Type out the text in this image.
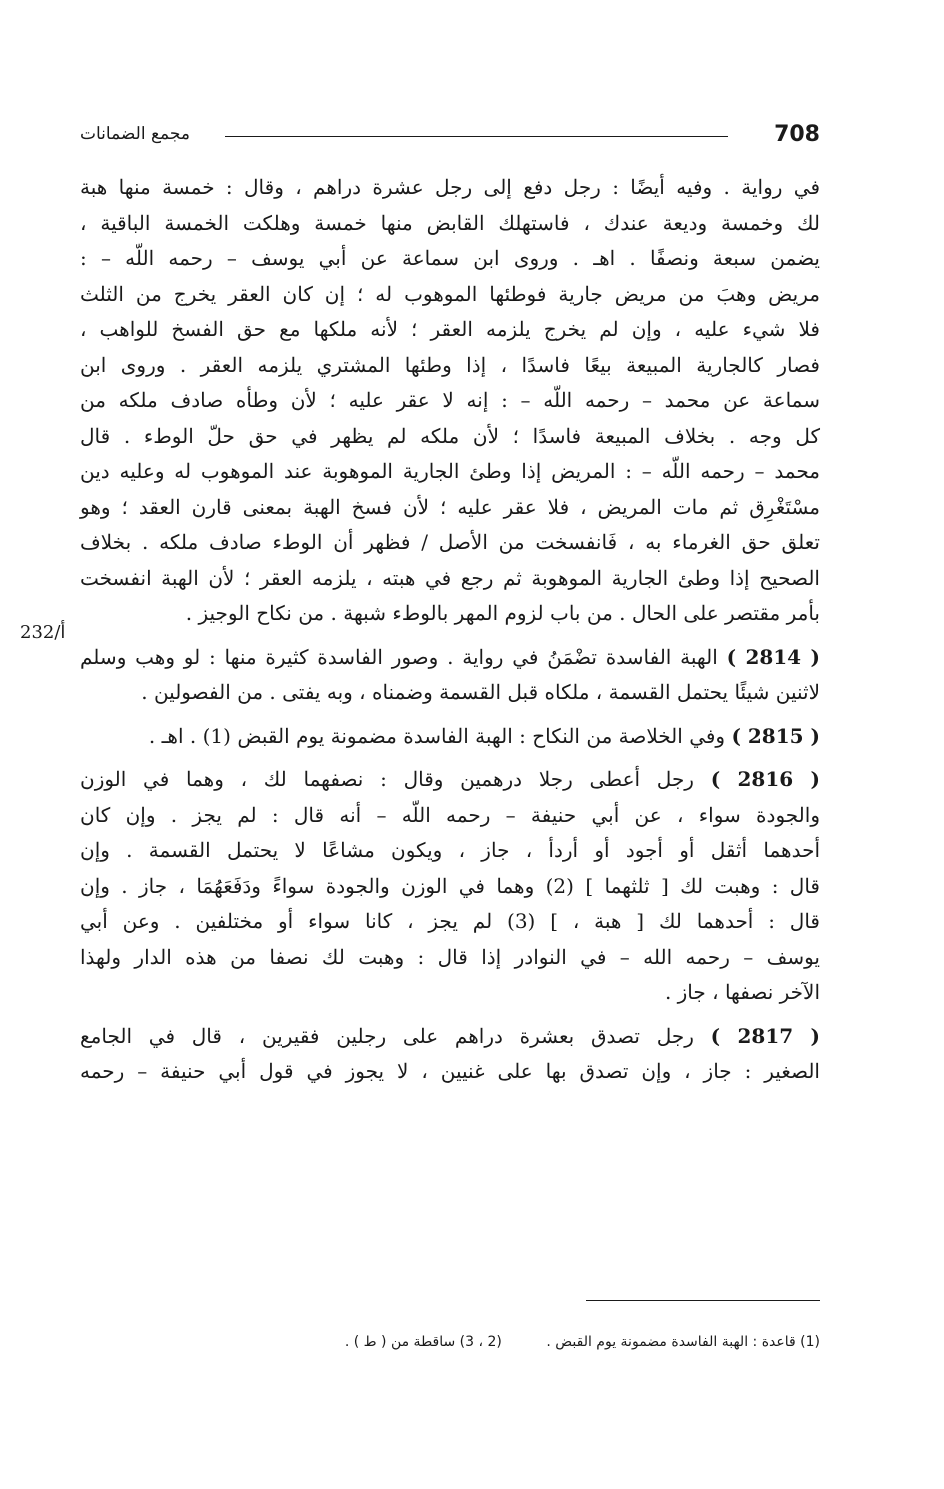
708
مجمع الضمانات
232/أ
في رواية . وفيه أيضًا : رجل دفع إلى رجل عشرة دراهم ، وقال : خمسة منها هبة
لك وخمسة وديعة عندك ، فاستهلك القابض منها خمسة وهلكت الخمسة الباقية ،
يضمن سبعة ونصفًا . اهـ . وروى ابن سماعة عن أبي يوسف – رحمه اللّه – :
مريض وهبَ من مريض جارية فوطئها الموهوب له ؛ إن كان العقر يخرج من الثلث
فلا شيء عليه ، وإن لم يخرج يلزمه العقر ؛ لأنه ملكها مع حق الفسخ للواهب ،
فصار كالجارية المبيعة بيعًا فاسدًا ، إذا وطئها المشتري يلزمه العقر . وروى ابن
سماعة عن محمد – رحمه اللّه – : إنه لا عقر عليه ؛ لأن وطأه صادف ملكه من
كل وجه . بخلاف المبيعة فاسدًا ؛ لأن ملكه لم يظهر في حق حلّ الوطء . قال
محمد – رحمه اللّه – : المريض إذا وطئ الجارية الموهوبة عند الموهوب له وعليه دين
مسْتَغْرِق ثم مات المريض ، فلا عقر عليه ؛ لأن فسخ الهبة بمعنى قارن العقد ؛ وهو
تعلق حق الغرماء به ، فَانفسخت من الأصل / فظهر أن الوطء صادف ملكه . بخلاف
الصحيح إذا وطئ الجارية الموهوبة ثم رجع في هبته ، يلزمه العقر ؛ لأن الهبة انفسخت
بأمر مقتصر على الحال . من باب لزوم المهر بالوطء شبهة . من نكاح الوجيز .
( 2814 ) الهبة الفاسدة تضْمَنُ في رواية . وصور الفاسدة كثيرة منها : لو وهب وسلم
لاثنين شيئًا يحتمل القسمة ، ملكاه قبل القسمة وضمناه ، وبه يفتى . من الفصولين .
( 2815 ) وفي الخلاصة من النكاح : الهبة الفاسدة مضمونة يوم القبض (1) . اهـ .
( 2816 ) رجل أعطى رجلا درهمين وقال : نصفهما لك ، وهما في الوزن
والجودة سواء ، عن أبي حنيفة – رحمه اللّه – أنه قال : لم يجز . وإن كان
أحدهما أثقل أو أجود أو أردأ ، جاز ، ويكون مشاعًا لا يحتمل القسمة . وإن
قال : وهبت لك [ ثلثهما ] (2) وهما في الوزن والجودة سواءً ودَفَعَهُمَا ، جاز . وإن
قال : أحدهما لك [ هبة ، ] (3) لم يجز ، كانا سواء أو مختلفين . وعن أبي
يوسف – رحمه الله – في النوادر إذا قال : وهبت لك نصفا من هذه الدار ولهذا
الآخر نصفها ، جاز .
( 2817 ) رجل تصدق بعشرة دراهم على رجلين فقيرين ، قال في الجامع
الصغير : جاز ، وإن تصدق بها على غنيين ، لا يجوز في قول أبي حنيفة – رحمه
(1) قاعدة : الهبة الفاسدة مضمونة يوم القبض . (2 ، 3) ساقطة من ( ط ) .
